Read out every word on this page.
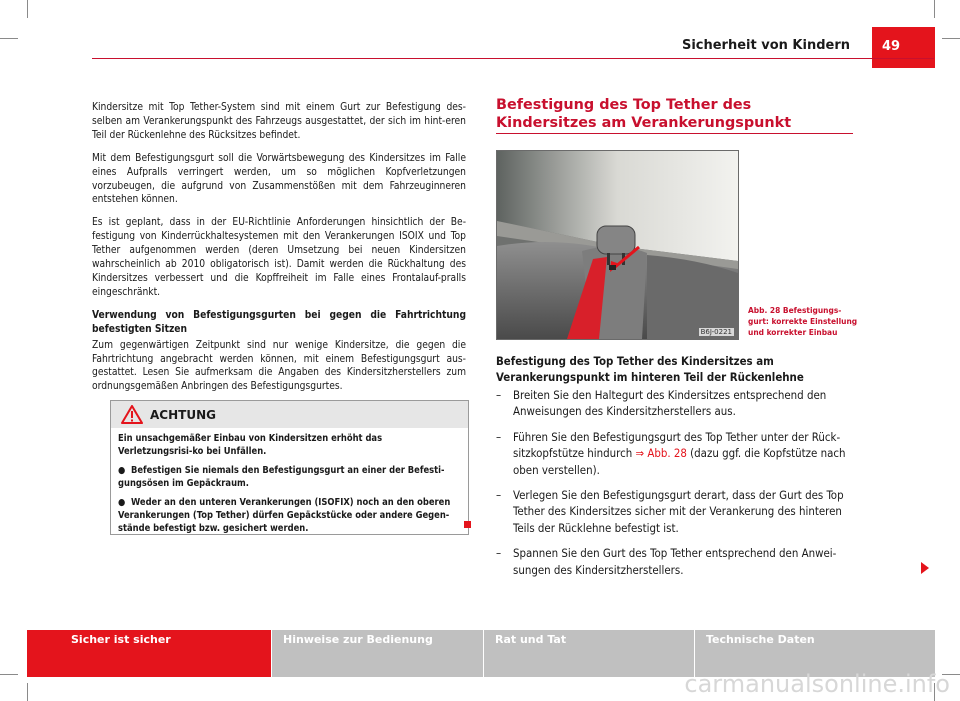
Sicherheit von Kindern 49

Kindersitze mit Top Tether-System sind mit einem Gurt zur Befestigung des-selben am Verankerungspunkt des Fahrzeugs ausgestattet, der sich im hint-eren Teil der Rückenlehne des Rücksitzes befindet.

Mit dem Befestigungsgurt soll die Vorwärtsbewegung des Kindersitzes im Falle eines Aufpralls verringert werden, um so möglichen Kopfverletzungen vorzubeugen, die aufgrund von Zusammenstößen mit dem Fahrzeuginneren entstehen können.

Es ist geplant, dass in der EU-Richtlinie Anforderungen hinsichtlich der Be-festigung von Kinderrückhaltesystemen mit den Verankerungen ISOIX und Top Tether aufgenommen werden (deren Umsetzung bei neuen Kindersitzen wahrscheinlich ab 2010 obligatorisch ist). Damit werden die Rückhaltung des Kindersitzes verbessert und die Kopffreiheit im Falle eines Frontalauf-pralls eingeschränkt.

Verwendung von Befestigungsgurten bei gegen die Fahrtrichtung befestigten Sitzen

Zum gegenwärtigen Zeitpunkt sind nur wenige Kindersitze, die gegen die Fahrtrichtung angebracht werden können, mit einem Befestigungsgurt aus-gestattet. Lesen Sie aufmerksam die Angaben des Kindersitzherstellers zum ordnungsgemäßen Anbringen des Befestigungsgurtes.

ACHTUNG

Ein unsachgemäßer Einbau von Kindersitzen erhöht das Verletzungsrisi-ko bei Unfällen.

● Befestigen Sie niemals den Befestigungsgurt an einer der Befesti-gungsösen im Gepäckraum.

● Weder an den unteren Verankerungen (ISOFIX) noch an den oberen Verankerungen (Top Tether) dürfen Gepäckstücke oder andere Gegen-stände befestigt bzw. gesichert werden.

Befestigung des Top Tether des Kindersitzes am Verankerungspunkt
B6J-0221
Abb. 28 Befestigungs-gurt: korrekte Einstellung und korrekter Einbau
Befestigung des Top Tether des Kindersitzes am Verankerungspunkt im hinteren Teil der Rückenlehne
– Breiten Sie den Haltegurt des Kindersitzes entsprechend den Anweisungen des Kindersitzherstellers aus.
– Führen Sie den Befestigungsgurt des Top Tether unter der Rück-sitzkopfstütze hindurch ⇒ Abb. 28 (dazu ggf. die Kopfstütze nach oben verstellen).
– Verlegen Sie den Befestigungsgurt derart, dass der Gurt des Top Tether des Kindersitzes sicher mit der Verankerung des hinteren Teils der Rücklehne befestigt ist.
– Spannen Sie den Gurt des Top Tether entsprechend den Anwei-sungen des Kindersitzherstellers.
Sicher ist sicher	Hinweise zur Bedienung	Rat und Tat	Technische Daten
carmanualsonline.info
